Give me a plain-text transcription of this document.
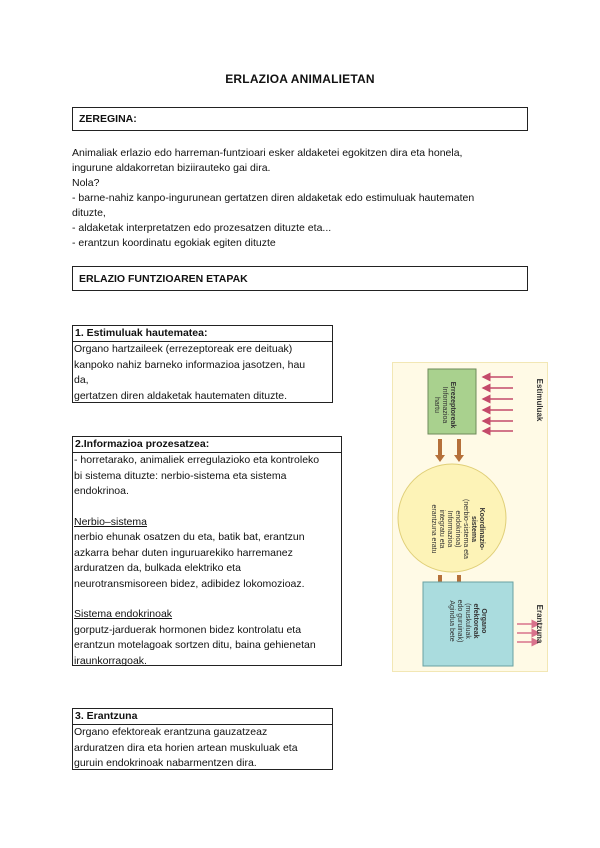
ERLAZIOA ANIMALIETAN
ZEREGINA:
Animaliak erlazio edo harreman-funtzioari esker aldaketei egokitzen dira eta honela,
ingurune aldakorretan biziirauteko gai dira.
Nola?
- barne-nahiz kanpo-ingurunean gertatzen diren aldaketak edo estimuluak hautematen
dituzte,
- aldaketak interpretatzen edo prozesatzen dituzte eta...
- erantzun koordinatu egokiak egiten dituzte
ERLAZIO FUNTZIOAREN ETAPAK
1. Estimuluak hautematea:
Organo hartzaileek (errezeptoreak ere deituak)
kanpoko nahiz barneko informazioa jasotzen, hau
da,
gertatzen diren aldaketak hautematen dituzte.
2.Informazioa prozesatzea:
- horretarako, animaliek erregulazioko eta kontroleko
bi sistema dituzte: nerbio-sistema eta sistema
endokrinoa.
Nerbio–sistema
nerbio ehunak osatzen du eta, batik bat, erantzun
azkarra behar duten inguruarekiko harremanez
arduratzen da, bulkada elektriko eta
neurotransmisoreen bidez, adibidez lokomozioaz.
Sistema endokrinoak
gorputz-jarduerak hormonen bidez kontrolatu eta
erantzun motelagoak sortzen ditu, baina gehienetan
iraunkorragoak.
3. Erantzuna
Organo efektoreak erantzuna gauzatzeaz
arduratzen dira eta horien artean muskuluak eta
guruin endokrinoak nabarmentzen dira.
Estimuluak
Errezeptoreak
Informazioa
hartu
Koordinazio-
sistema
(nerbio-sistema eta
endokrinoa)
Informazioa
integratu eta
erantzuna eratu
Organo
efektoreak
(muskuluak
edo guruinak)
Agindua bete	Erantzuna
